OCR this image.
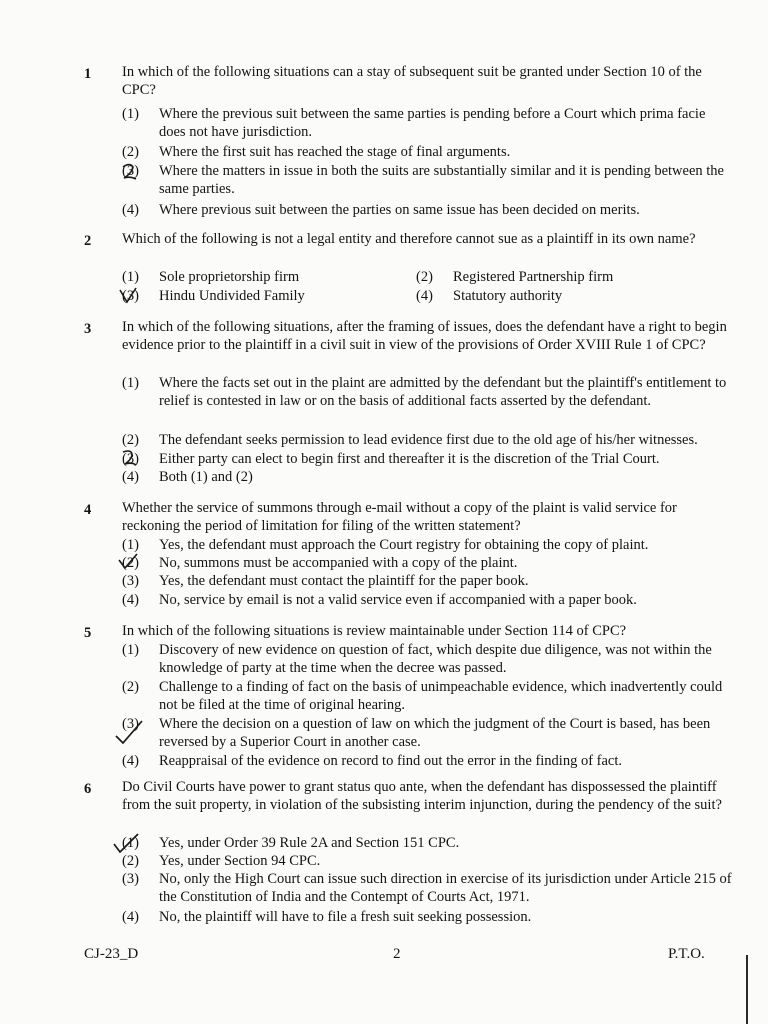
1 In which of the following situations can a stay of subsequent suit be granted under Section 10 of the CPC?

(1) Where the previous suit between the same parties is pending before a Court which prima facie does not have jurisdiction.
(2) Where the first suit has reached the stage of final arguments.
(3) Where the matters in issue in both the suits are substantially similar and it is pending between the same parties.
(4) Where previous suit between the parties on same issue has been decided on merits.
2 Which of the following is not a legal entity and therefore cannot sue as a plaintiff in its own name?

(1) Sole proprietorship firm	(2) Registered Partnership firm
(3) Hindu Undivided Family	(4) Statutory authority
3 In which of the following situations, after the framing of issues, does the defendant have a right to begin evidence prior to the plaintiff in a civil suit in view of the provisions of Order XVIII Rule 1 of CPC?

(1) Where the facts set out in the plaint are admitted by the defendant but the plaintiff's entitlement to relief is contested in law or on the basis of additional facts asserted by the defendant.
(2) The defendant seeks permission to lead evidence first due to the old age of his/her witnesses.
(3) Either party can elect to begin first and thereafter it is the discretion of the Trial Court.
(4) Both (1) and (2)
4 Whether the service of summons through e-mail without a copy of the plaint is valid service for reckoning the period of limitation for filing of the written statement?

(1) Yes, the defendant must approach the Court registry for obtaining the copy of plaint.
(2) No, summons must be accompanied with a copy of the plaint.
(3) Yes, the defendant must contact the plaintiff for the paper book.
(4) No, service by email is not a valid service even if accompanied with a paper book.
5 In which of the following situations is review maintainable under Section 114 of CPC?

(1) Discovery of new evidence on question of fact, which despite due diligence, was not within the knowledge of party at the time when the decree was passed.
(2) Challenge to a finding of fact on the basis of unimpeachable evidence, which inadvertently could not be filed at the time of original hearing.
(3) Where the decision on a question of law on which the judgment of the Court is based, has been reversed by a Superior Court in another case.
(4) Reappraisal of the evidence on record to find out the error in the finding of fact.
6 Do Civil Courts have power to grant status quo ante, when the defendant has dispossessed the plaintiff from the suit property, in violation of the subsisting interim injunction, during the pendency of the suit?

(1) Yes, under Order 39 Rule 2A and Section 151 CPC.
(2) Yes, under Section 94 CPC.
(3) No, only the High Court can issue such direction in exercise of its jurisdiction under Article 215 of the Constitution of India and the Contempt of Courts Act, 1971.
(4) No, the plaintiff will have to file a fresh suit seeking possession.
CJ-23_D	2	P.T.O.
